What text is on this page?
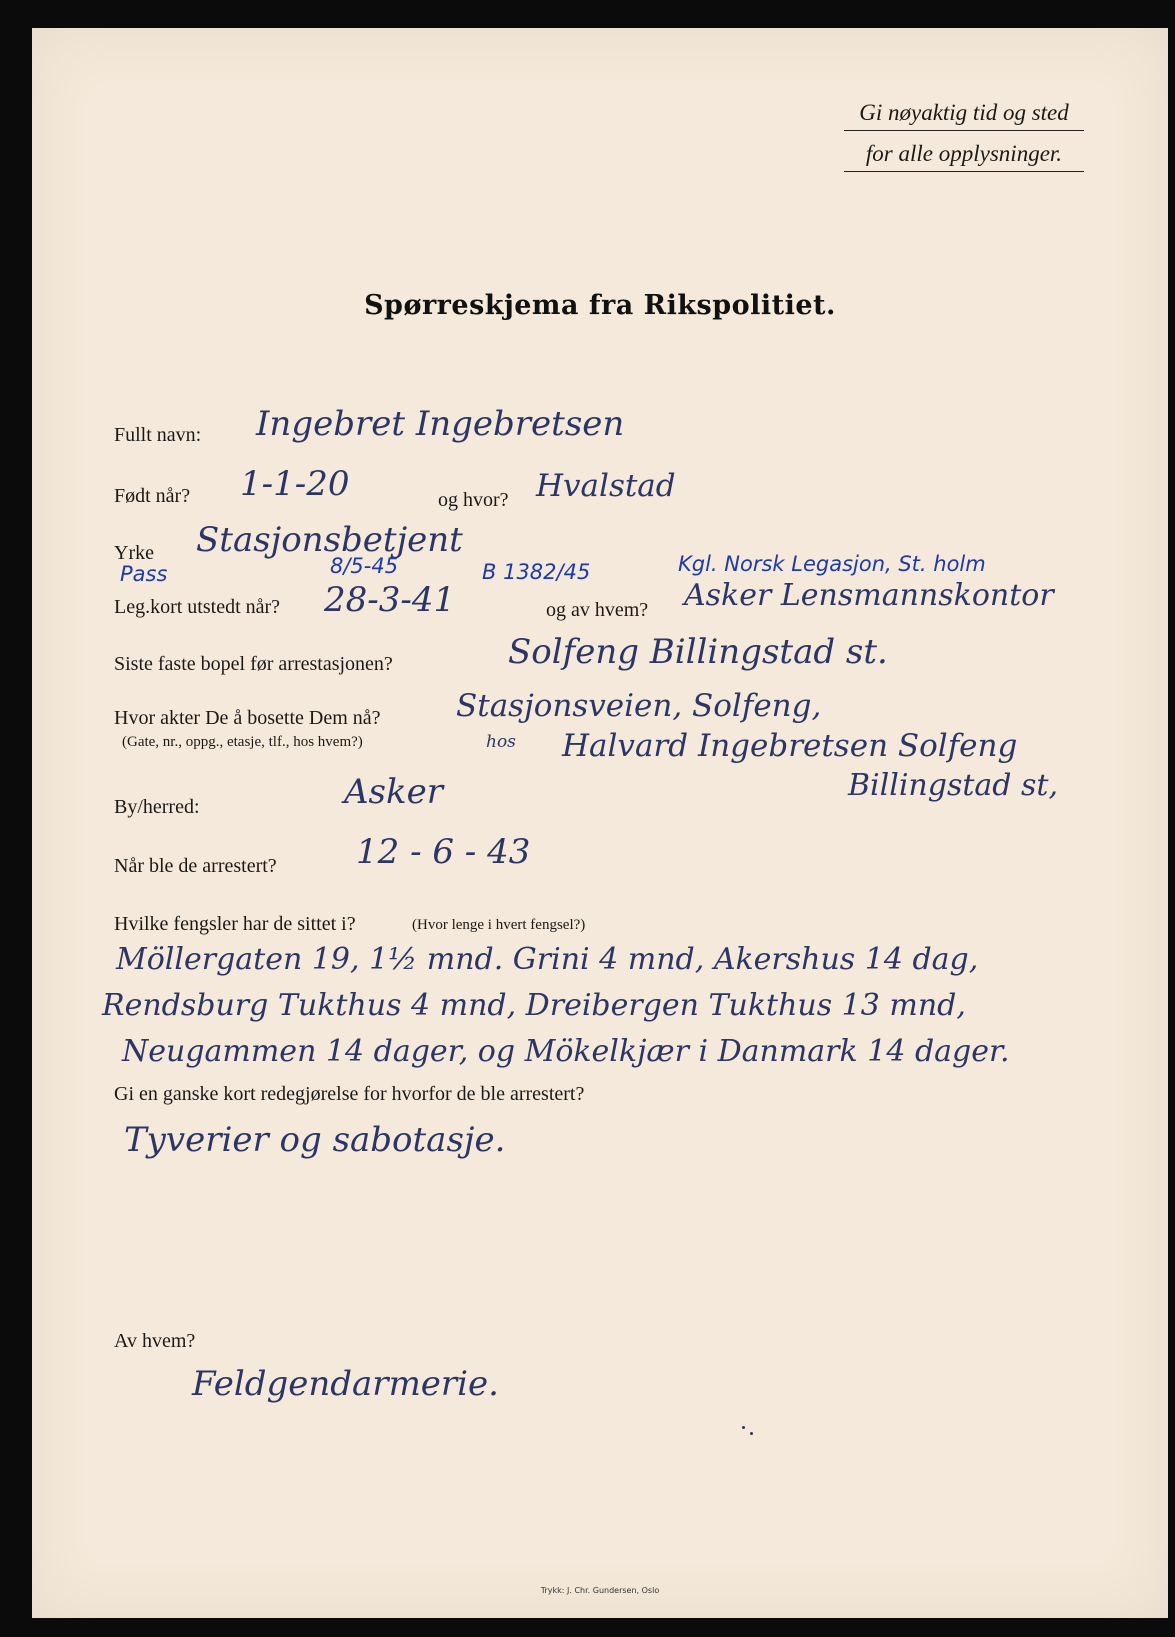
Gi nøyaktig tid og sted
for alle opplysninger.
Spørreskjema fra Rikspolitiet.
Fullt navn: Ingebret Ingebretsen
Født når? 1-1-20	og hvor? Hvalstad
Yrke Stasjonsbetjent
Pass	8/5-45	B 1382/45	Kgl. Norsk Legasjon, St. holm
Leg.kort utstedt når? 28-3-41	og av hvem? Asker Lensmannskontor
Siste faste bopel før arrestasjonen?	Solfeng Billingstad st.
Hvor akter De å bosette Dem nå?
(Gate, nr., oppg., etasje, tlf., hos hvem?)
Stasjonsveien, Solfeng,
hos Halvard Ingebretsen Solfeng
Billingstad st,
By/herred:	Asker
Når ble de arrestert? 12 - 6 - 43
Hvilke fengsler har de sittet i?	(Hvor lenge i hvert fengsel?)
Möllergaten 19, 1½ mnd. Grini 4 mnd, Akershus 14 dag,
Rendsburg Tukthus 4 mnd, Dreibergen Tukthus 13 mnd,
Neugammen 14 dager, og Mökelkjær i Danmark 14 dager.
Gi en ganske kort redegjørelse for hvorfor de ble arrestert?
Tyverier og sabotasje.
Av hvem?
Feldgendarmerie.
Trykk: J. Chr. Gundersen, Oslo
